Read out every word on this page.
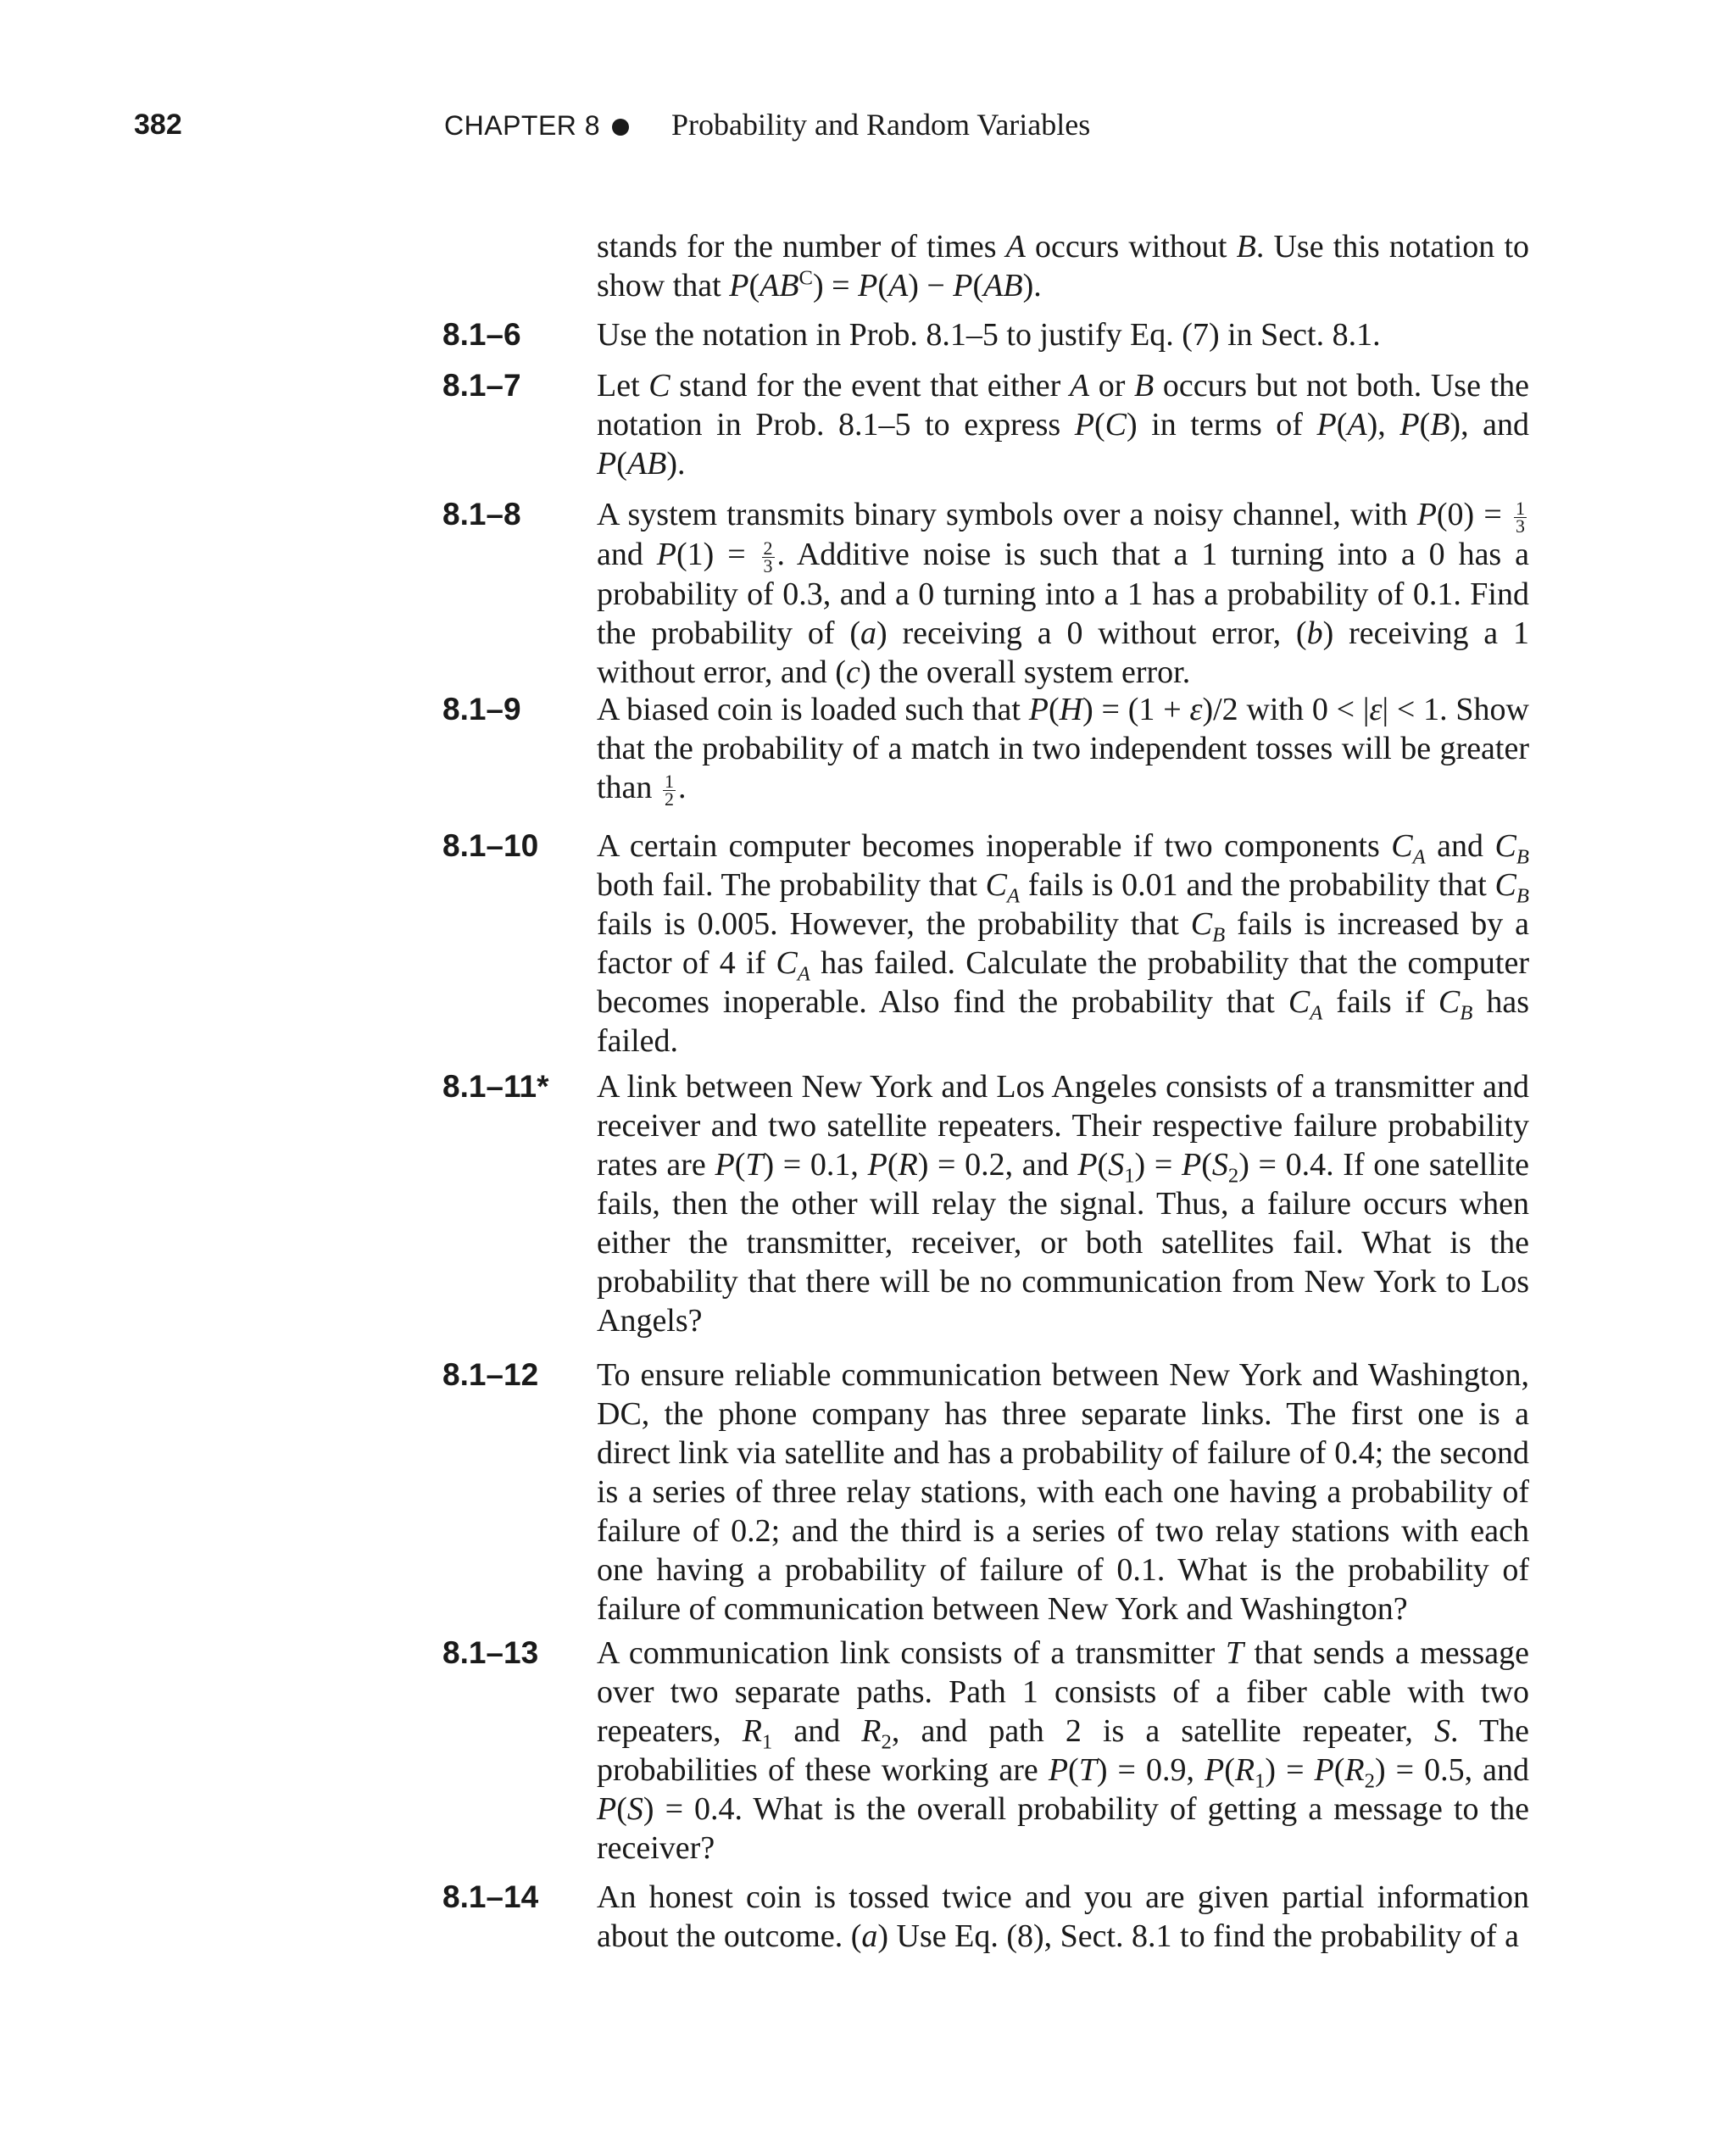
382	CHAPTER 8 Probability and Random Variables

stands for the number of times A occurs without B. Use this notation to show that $P(AB^C) = P(A) - P(AB)$.

8.1–6 Use the notation in Prob. 8.1–5 to justify Eq. (7) in Sect. 8.1.

8.1–7 Let C stand for the event that either A or B occurs but not both. Use the notation in Prob. 8.1–5 to express P(C) in terms of P(A), P(B), and P(AB).

8.1–8 A system transmits binary symbols over a noisy channel, with $P(0) = \frac{1}{3}$
and $P(1) = \frac{2}{3}$ . Additive noise is such that a 1 turning into a 0 has a probability of 0.3, and a 0 turning into a 1 has a probability of 0.1. Find the probability of (a) receiving a 0 without error, (b) receiving a 1 without error, and (c) the overall system error.

8.1–9 A biased coin is loaded such that P(H) = (1 + ε)/2 with 0 < |ε| < 1. Show that the probability of a match in two independent tosses will be greater than $\frac{1}{2}$ .

8.1–10 A certain computer becomes inoperable if two components $C_A$ and $C_B$ both fail. The probability that $C_A$ fails is 0.01 and the probability that $C_B$ fails is 0.005. However, the probability that $C_B$ fails is increased by a factor of 4 if $C_A$ has failed. Calculate the probability that the computer becomes inoperable. Also find the probability that $C_A$ fails if $C_B$ has failed.

8.1–11* A link between New York and Los Angeles consists of a transmitter and receiver and two satellite repeaters. Their respective failure probability rates are P(T) = 0.1, P(R) = 0.2, and $P(S_1) = P(S_2) = 0.4$. If one satellite fails, then the other will relay the signal. Thus, a failure occurs when either the transmitter, receiver, or both satellites fail. What is the probability that there will be no communication from New York to Los Angels?

8.1–12 To ensure reliable communication between New York and Washington, DC, the phone company has three separate links. The first one is a direct link via satellite and has a probability of failure of 0.4; the second is a series of three relay stations, with each one having a probability of failure of 0.2; and the third is a series of two relay stations with each one having a probability of failure of 0.1. What is the probability of failure of communication between New York and Washington?

8.1–13 A communication link consists of a transmitter T that sends a message over two separate paths. Path 1 consists of a fiber cable with two repeaters, $R_1$ and $R_2$, and path 2 is a satellite repeater, S. The probabilities of these working are P(T) = 0.9, $P(R_1) = P(R_2) = 0.5$, and P(S) = 0.4. What is the overall probability of getting a message to the receiver?

8.1–14 An honest coin is tossed twice and you are given partial information about the outcome. (a) Use Eq. (8), Sect. 8.1 to find the probability of a
